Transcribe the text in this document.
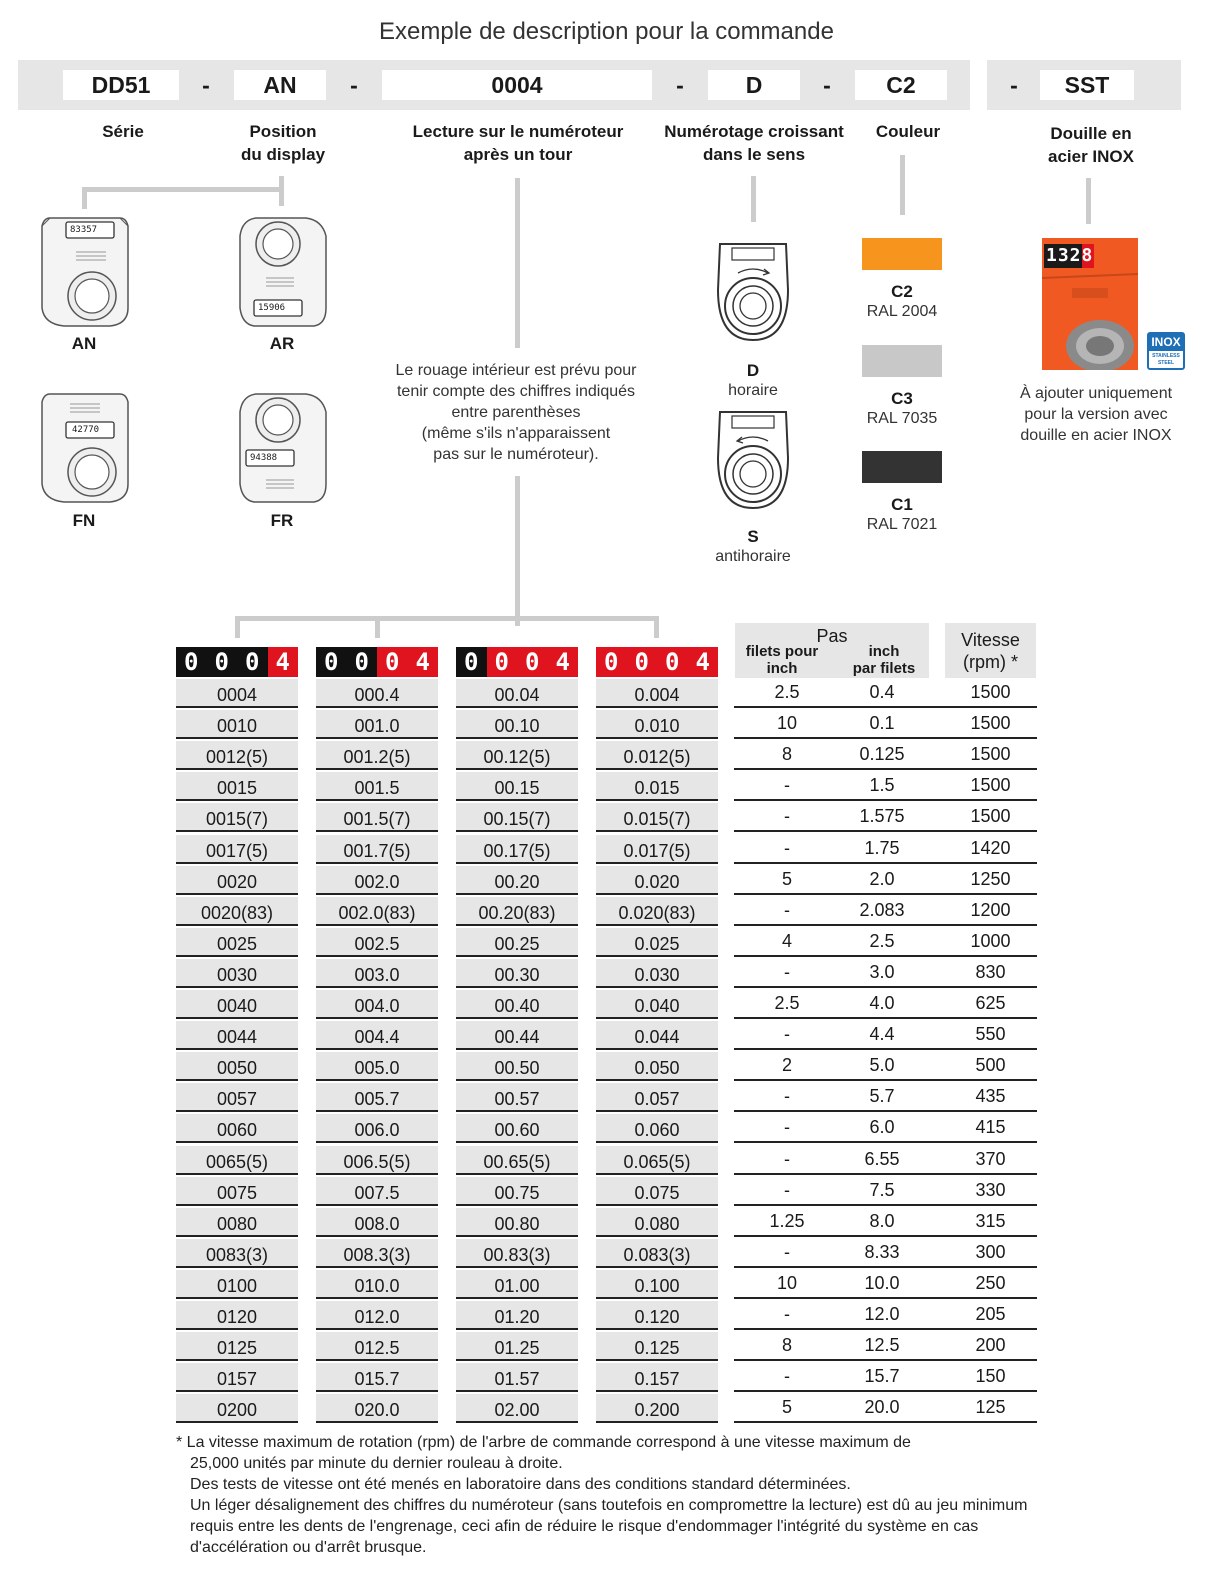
Exemple de description pour la commande
DD51	-	AN	-	0004	-	D	-	C2	-	SST
Série	Position
du display
Lecture sur le numéroteur
après un tour
Numérotage croissant
dans le sens
Couleur	Douille en
acier INOX
83357
AN
15906
AR
42770
FN
94388
FR
Le rouage intérieur est prévu pour
tenir compte des chiffres indiqués
entre parenthèses
(même s'ils n'apparaissent
pas sur le numéroteur).
D
horaire
S
antihoraire
C2
RAL 2004
C3
RAL 7035
C1
RAL 7021
1328
INOX
STAINLESS STEEL
À ajouter uniquement
pour la version avec
douille en acier INOX
0 0 0 4	0 0 0 4	0 0 0 4	0 0 0 4
Pas
filets pour
inch
inch
par filets
Vitesse
(rpm) *
0004	000.4	00.04	0.004	2.5	0.4	1500
0010	001.0	00.10	0.010	10	0.1	1500
0012(5)	001.2(5)	00.12(5)	0.012(5)	8	0.125	1500
0015	001.5	00.15	0.015	-	1.5	1500
0015(7)	001.5(7)	00.15(7)	0.015(7)	-	1.575	1500
0017(5)	001.7(5)	00.17(5)	0.017(5)	-	1.75	1420
0020	002.0	00.20	0.020	5	2.0	1250
0020(83)	002.0(83)	00.20(83)	0.020(83)	-	2.083	1200
0025	002.5	00.25	0.025	4	2.5	1000
0030	003.0	00.30	0.030	-	3.0	830
0040	004.0	00.40	0.040	2.5	4.0	625
0044	004.4	00.44	0.044	-	4.4	550
0050	005.0	00.50	0.050	2	5.0	500
0057	005.7	00.57	0.057	-	5.7	435
0060	006.0	00.60	0.060	-	6.0	415
0065(5)	006.5(5)	00.65(5)	0.065(5)	-	6.55	370
0075	007.5	00.75	0.075	-	7.5	330
0080	008.0	00.80	0.080	1.25	8.0	315
0083(3)	008.3(3)	00.83(3)	0.083(3)	-	8.33	300
0100	010.0	01.00	0.100	10	10.0	250
0120	012.0	01.20	0.120	-	12.0	205
0125	012.5	01.25	0.125	8	12.5	200
0157	015.7	01.57	0.157	-	15.7	150
0200	020.0	02.00	0.200	5	20.0	125
* La vitesse maximum de rotation (rpm) de l'arbre de commande correspond à une vitesse maximum de
25,000 unités par minute du dernier rouleau à droite.
Des tests de vitesse ont été menés en laboratoire dans des conditions standard déterminées.
Un léger désalignement des chiffres du numéroteur (sans toutefois en compromettre la lecture) est dû au jeu minimum
requis entre les dents de l'engrenage, ceci afin de réduire le risque d'endommager l'intégrité du système en cas
d'accélération ou d'arrêt brusque.
